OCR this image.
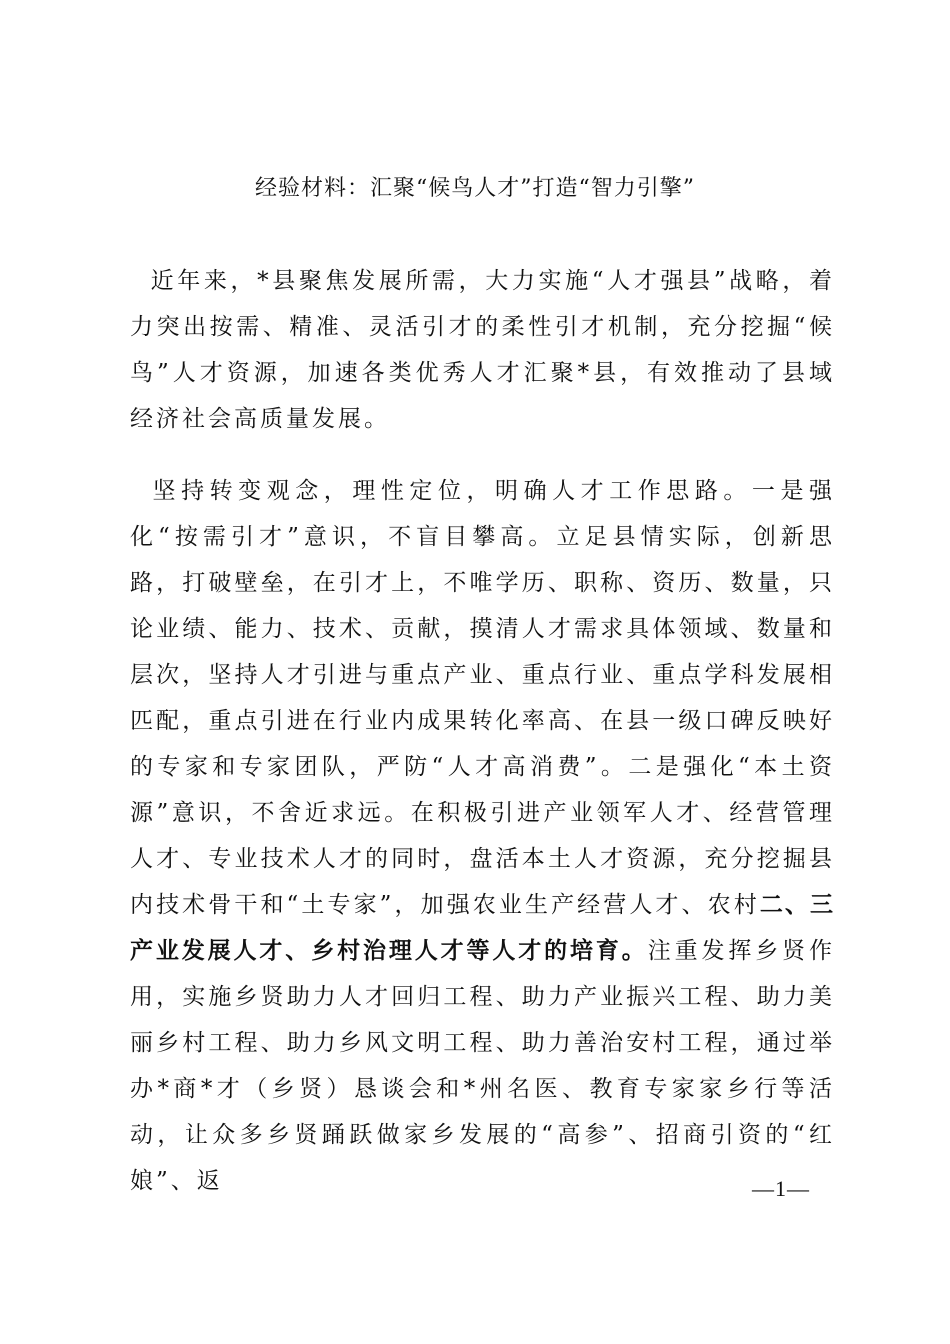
经验材料：汇聚“候鸟人才”打造“智力引擎”

近年来，*县聚焦发展所需，大力实施“人才强县”战略，着力突出按需、精准、灵活引才的柔性引才机制，充分挖掘“候鸟”人才资源，加速各类优秀人才汇聚*县，有效推动了县域经济社会高质量发展。

坚持转变观念，理性定位，明确人才工作思路。一是强化“按需引才”意识，不盲目攀高。立足县情实际，创新思路，打破壁垒，在引才上，不唯学历、职称、资历、数量，只论业绩、能力、技术、贡献，摸清人才需求具体领域、数量和层次，坚持人才引进与重点产业、重点行业、重点学科发展相匹配，重点引进在行业内成果转化率高、在县一级口碑反映好的专家和专家团队，严防“人才高消费”。二是强化“本土资源”意识，不舍近求远。在积极引进产业领军人才、经营管理人才、专业技术人才的同时，盘活本土人才资源，充分挖掘县内技术骨干和“土专家”，加强农业生产经营人才、农村二、三产业发展人才、乡村治理人才等人才的培育。注重发挥乡贤作用，实施乡贤助力人才回归工程、助力产业振兴工程、助力美丽乡村工程、助力乡风文明工程、助力善治安村工程，通过举办*商*才（乡贤）恳谈会和*州名医、教育专家家乡行等活动，让众多乡贤踊跃做家乡发展的“高参”、招商引资的“红娘”、返	—1—
